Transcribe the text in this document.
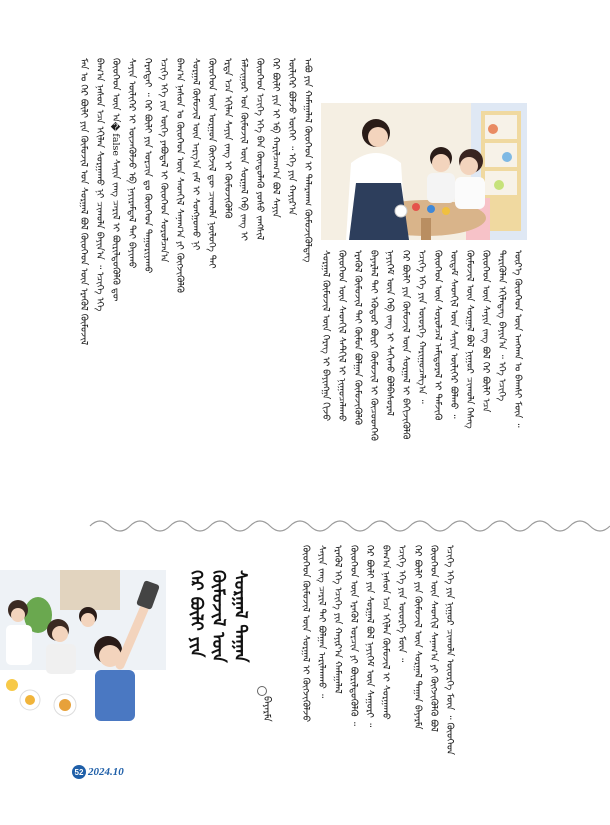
ᠮᠠᠨ ᠤ ᠭᠡᠷ ᠪᠦᠯᠢ ᠶᠢᠨ ᠬᠦᠮᠦᠵᠢᠯ ᠤᠨ ᠰᠤᠷᠭᠠᠯ ᠪᠣᠯ ᠬᠦᠦᠬᠡᠳ ᠦᠨ ᠡᠷᠡᠭᠦᠯ ᠬᠦᠮᠦᠵᠢᠯ ᠪᠠᠭ᠎ᠠ ᠨᠠᠰᠤᠨ ᠡᠴᠡ ᠡᠬᠢᠯᠡᠨ ᠰᠤᠷᠭᠠᠬᠤ ᠨᠢ ᠴᠢᠬᠤᠯᠠ ᠪᠠᠶᠢᠨ᠎ᠠ ᠃ ᠡᠴᠢᠭᠡ ᠡᠬᠡ ᠬᠦᠦᠬᠡᠳ ᠦᠨ ᠠ�false ᠰᠠᠶᠢᠨ ᠵᠠᠩ ᠴᠠᠷᠢᠯ ᠢ ᠪᠦᠷᠢᠯᠳᠦᠭᠦᠯᠬᠦ ᠳᠦ ᠰᠠᠶᠢᠨ ᠦᠯᠢᠭᠡᠷ ᠢ ᠦᠵᠡᠭᠦᠯᠵᠦ ᠡᠪ ᠨᠠᠶᠢᠷᠠᠮᠳᠠᠯ ᠲᠠᠢ ᠪᠠᠶᠢᠬᠤ ᠬᠡᠷᠡᠭᠲᠡᠢ ᠃ ᠭᠡᠷ ᠪᠦᠯᠢ ᠶᠢᠨ ᠤᠷᠴᠢᠨ ᠳᠤ ᠬᠦᠦᠬᠡᠳ ᠳᠠᠭᠤᠷᠢᠶᠠᠬᠤ ᠡᠴᠢᠭᠡ ᠡᠬᠡ ᠶᠢᠨ ᠦᠭᠡ ᠶᠠᠪᠤᠳᠠᠯ ᠢ ᠬᠦᠦᠬᠡᠳ ᠰᠤᠷᠤᠯᠴᠠᠨ᠎ᠠ ᠪᠠᠭ᠎ᠠ ᠨᠠᠰᠤᠨ ᠤ ᠬᠦᠦᠬᠡᠳ ᠦᠨ ᠰᠡᠳᠬᠢᠯ ᠰᠠᠨᠠᠭ᠎ᠠ ᠶᠢ ᠬᠥᠭᠵᠢᠭᠦᠯᠬᠦ ᠰᠤᠷᠭᠠᠯ ᠬᠦᠮᠦᠵᠢᠯ ᠦᠨ ᠠᠷᠭ᠎ᠠ ᠵᠠᠮ ᠢ ᠰᠣᠩᠭᠣᠬᠤ ᠨᠢ ᠬᠦᠦᠬᠡᠳ ᠦᠨ ᠤᠷᠭᠤᠨ ᠬᠥᠭᠵᠢᠯ ᠳᠦ ᠴᠢᠬᠤᠯᠠ ᠨᠥᠯᠦᠭᠡ ᠲᠠᠢ ᠡᠷᠲᠡ ᠡᠴᠡ ᠡᠬᠢᠯᠡᠨ ᠰᠠᠶᠢᠨ ᠵᠠᠩ ᠢ ᠬᠦᠮᠦᠵᠢᠭᠦᠯᠬᠦ ᠮᠠᠯᠵᠢᠭᠤᠷ ᠤᠨ ᠬᠦᠮᠦᠵᠢᠯ ᠦᠨ ᠰᠤᠷᠭᠠᠯ ᠬᠡᠪ ᠵᠠᠩ ᠢ ᠬᠦᠦᠬᠡᠳ ᠡᠴᠢᠭᠡ ᠡᠬᠡ ᠪᠡᠨ ᠬᠦᠨᠳᠦᠯᠡᠬᠦ ᠶᠣᠰᠣ ᠵᠠᠩᠰᠢᠯ ᠭᠡᠷ ᠪᠦᠯᠢ ᠶᠢᠨ ᠡᠶ ᠡᠪ ᠬᠠᠷᠢᠯᠴᠠᠭ᠎ᠠ ᠪᠣᠯ ᠰᠠᠶᠢᠨ ᠦᠯᠢᠭᠡᠷ ᠪᠣᠯᠵᠤ ᠦᠭᠡᠢ ᠃ ᠡᠬᠡ ᠶᠢᠨ ᠬᠠᠶᠢᠷ᠎ᠠ ᠠᠪᠤ ᠶᠢᠨ ᠬᠠᠮᠠᠭᠠᠯᠠᠯ ᠬᠦᠦᠬᠡᠳ ᠢ ᠲᠠᠯᠠᠷᠬᠠᠭ ᠬᠦᠮᠦᠵᠢᠭᠦᠯᠳᠡᠭ
ᠰᠤᠷᠭᠠᠯ ᠬᠦᠮᠦᠵᠢᠯ ᠦᠨ ᠬᠡᠷᠡᠭ ᠢ ᠪᠠᠶᠢᠩᠭᠠ ᠬᠢᠵᠦ ᠬᠦᠦᠬᠡᠳ ᠦᠨ ᠰᠡᠳᠬᠢᠯ ᠰᠡᠲᠬᠢᠯ ᠢ ᠨᠢᠭᠤᠴᠠᠯᠠᠬᠤ ᠡᠷᠡᠭᠦᠯ ᠬᠦᠮᠦᠵᠢᠯ ᠲᠡᠢ ᠬᠦᠮᠦᠨ ᠪᠣᠯᠭᠠᠨ ᠬᠥᠮᠦᠵᠢᠭᠦᠯᠬᠦ ᠪᠠᠶᠠᠷᠯᠠᠯ ᠲᠠᠢ ᠡᠭᠦᠳᠦᠷ ᠪᠦᠷᠢ ᠬᠦᠮᠦᠵᠢᠯ ᠢ ᠬᠦᠴᠦᠳᠬᠡᠬᠦ ᠨᠡᠶᠢᠭᠡᠮ ᠦᠨ ᠬᠡᠪ ᠵᠠᠩ ᠢ ᠰᠠᠬᠢᠬᠤ ᠪᠣᠯᠪᠠᠰᠤᠷᠠᠯ ᠭᠡᠷ ᠪᠦᠯᠢ ᠶᠢᠨ ᠬᠦᠮᠦᠵᠢᠯ ᠦᠨ ᠰᠤᠷᠭᠠᠯ ᠢ ᠪᠡᠬᠢᠵᠢᠭᠦᠯᠬᠦ ᠡᠴᠢᠭᠡ ᠡᠬᠡ ᠶᠢᠨ ᠦᠦᠷᠭᠡ ᠬᠠᠷᠢᠭᠤᠴᠠᠯᠭ᠎ᠠ ᠃ ᠬᠦᠦᠬᠡᠳ ᠦᠨ ᠰᠤᠷᠤᠯᠴᠠᠯ ᠠᠮᠢᠳᠤᠷᠠᠯ ᠢ ᠳᠡᠮᠵᠢᠬᠦ ᠦᠳᠡᠮ ᠰᠡᠳᠬᠢᠯ ᠦᠨ ᠰᠠᠶᠢᠨ ᠦᠯᠢᠭᠡᠷ ᠪᠣᠯᠬᠤ ᠃ ᠬᠦᠮᠦᠵᠢᠯ ᠦᠨ ᠰᠤᠷᠭᠠᠯ ᠪᠣᠯ ᠨᠢᠭᠤᠷ ᠴᠢᠬᠤᠯᠠ ᠬᠡᠰᠡᠭ ᠬᠦᠦᠬᠡᠳ ᠦᠨ ᠰᠠᠶᠢᠨ ᠵᠠᠩ ᠪᠣᠯ ᠭᠡᠷ ᠪᠦᠯᠢ ᠡᠴᠡ ᠲᠡᠷᠢᠭᠦᠯᠡᠨ ᠡᠬᠢᠯᠡᠳᠡᠭ ᠪᠠᠶᠢᠨ᠎ᠠ ᠃ ᠡᠬᠡ ᠡᠴᠢᠭᠡ ᠦᠷ᠎ᠡ ᠬᠦᠦᠬᠡᠳ ᠦᠨ ᠠᠨᠭᠬᠠᠨ ᠤ ᠪᠠᠭᠰᠢ ᠮᠥᠨ ᠃
ᠬᠦᠦᠬᠡᠳ ᠬᠦᠮᠦᠵᠢᠯ ᠦᠨ ᠰᠤᠷᠭᠠᠯ ᠢ ᠬᠥᠭᠵᠢᠭᠦᠯᠵᠦ ᠰᠠᠶᠢᠨ ᠵᠠᠩ ᠴᠠᠷᠢᠯ ᠲᠡᠢ ᠪᠣᠯᠭᠠᠨ ᠠᠷᠢᠯᠬᠠᠬᠤ ᠃ ᠡᠷᠡᠭᠦᠯ ᠡᠬᠡ ᠡᠴᠢᠭᠡ ᠶᠢᠨ ᠬᠠᠶᠢᠷ᠎ᠠ ᠬᠠᠮᠠᠭᠠᠯᠠᠯ ᠬᠦᠦᠬᠡᠳ ᠦᠨ ᠡᠷᠡᠭᠦᠯ ᠣᠷᠴᠢᠨ ᠶᠢ ᠪᠦᠷᠢᠯᠳᠦᠭᠦᠯᠬᠦ ᠃ ᠭᠡᠷ ᠪᠦᠯᠢ ᠶᠢᠨ ᠰᠤᠷᠭᠠᠯ ᠪᠣᠯ ᠨᠡᠶᠢᠭᠡᠮ ᠦᠨ ᠰᠠᠭᠤᠷᠢ ᠃ ᠪᠠᠭ᠎ᠠ ᠨᠠᠰᠤᠨ ᠡᠴᠡ ᠡᠬᠢᠯᠡᠨ ᠬᠦᠮᠦᠵᠢᠯ ᠢ ᠰᠤᠷᠭᠠᠬᠤ ᠡᠴᠢᠭᠡ ᠡᠬᠡ ᠶᠢᠨ ᠦᠦᠷᠭᠡ ᠮᠥᠨ ᠃ ᠭᠡᠷ ᠪᠦᠯᠢ ᠶᠢᠨ ᠬᠦᠮᠦᠵᠢᠯ ᠦᠨ ᠰᠤᠷᠭᠠᠯ ᠲᠠᠭᠠᠨ ᠪᠠᠶᠠᠷᠮᠠ ᠬᠦᠦᠬᠡᠳ ᠦᠨ ᠰᠡᠳᠬᠢᠯ ᠰᠠᠨᠠᠭ᠎ᠠ ᠶᠢ ᠬᠥᠭᠵᠢᠭᠦᠯᠬᠦ ᠪᠣᠯ ᠡᠴᠢᠭᠡ ᠡᠬᠡ ᠶᠢᠨ ᠨᠢᠭᠤᠷ ᠴᠢᠬᠤᠯᠠ ᠦᠦᠷᠭᠡ ᠮᠥᠨ ᠃ ᠬᠦᠦᠬᠡᠳ
ᠭᠡᠷ ᠪᠦᠯᠢ ᠶᠢᠨ ᠬᠦᠮᠦᠵᠢᠯ ᠦᠨ ᠰᠤᠷᠭᠠᠯ ᠲᠠᠭᠠᠨ
ᠪᠠᠶᠠᠷᠮᠠ
52 2024.10
